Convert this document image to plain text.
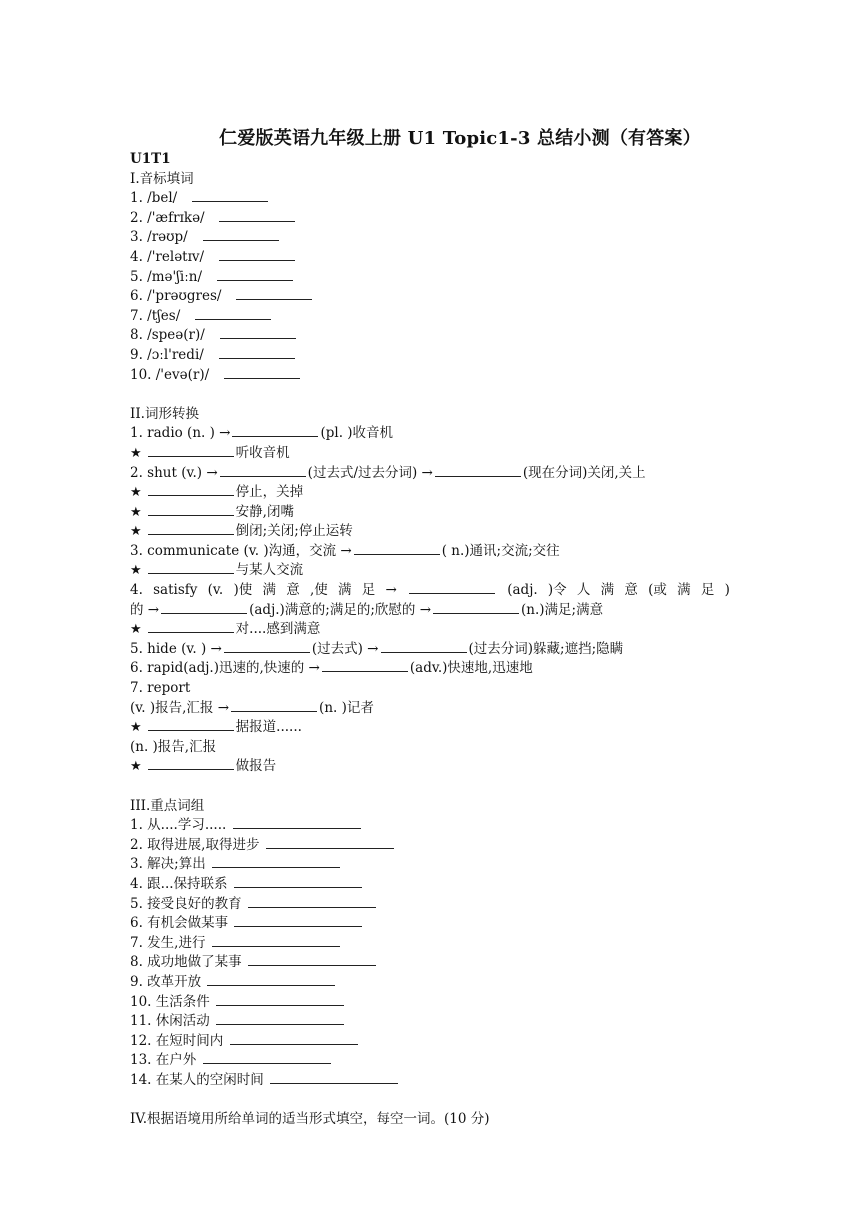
仁爱版英语九年级上册 U1 Topic1-3 总结小测（有答案）
U1T1
I.音标填词
1. /bel/
2. /'æfrɪkə/
3. /rəʊp/
4. /'relətɪv/
5. /mə'ʃiːn/
6. /'prəʊgres/
7. /tʃes/
8. /speə(r)/
9. /ɔːl'redi/
10. /'evə(r)/
II.词形转换
1. radio (n. ) →	(pl. )收音机
★	听收音机
2. shut (v.) →	(过去式/过去分词) →	(现在分词)关闭,关上
★	停止，关掉
★	安静,闭嘴
★	倒闭;关闭;停止运转
3. communicate (v. )沟通，交流 →	( n.)通讯;交流;交往
★	与某人交流
4. satisfy (v. )使 满 意 ,使 满 足 →	(adj. )令 人 满 意 (或 满 足 )
的 →	(adj.)满意的;满足的;欣慰的 →	(n.)满足;满意
★	对....感到满意
5. hide (v. ) →	(过去式) →	(过去分词)躲藏;遮挡;隐瞒
6. rapid(adj.)迅速的,快速的 →	(adv.)快速地,迅速地
7. report
(v. )报告,汇报 →	(n. )记者
★	据报道......
(n. )报告,汇报
★	做报告
III.重点词组
1. 从....学习.....
2. 取得进展,取得进步
3. 解决;算出
4. 跟...保持联系
5. 接受良好的教育
6. 有机会做某事
7. 发生,进行
8. 成功地做了某事
9. 改革开放
10. 生活条件
11. 休闲活动
12. 在短时间内
13. 在户外
14. 在某人的空闲时间
IV.根据语境用所给单词的适当形式填空，每空一词。(10 分)
